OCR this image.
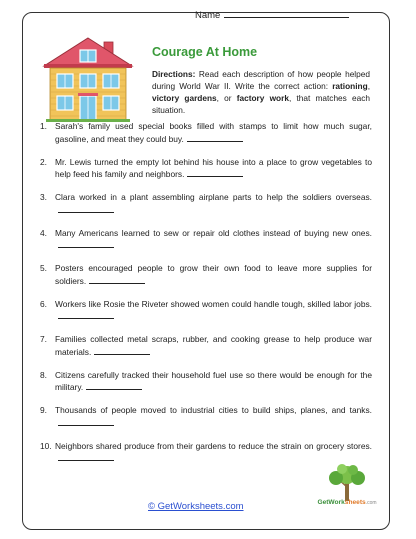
Name
Courage At Home
Directions: Read each description of how people helped during World War II. Write the correct action: rationing, victory gardens, or factory work, that matches each situation.
1. Sarah's family used special books filled with stamps to limit how much sugar, gasoline, and meat they could buy.
2. Mr. Lewis turned the empty lot behind his house into a place to grow vegetables to help feed his family and neighbors.
3. Clara worked in a plant assembling airplane parts to help the soldiers overseas.
4. Many Americans learned to sew or repair old clothes instead of buying new ones.
5. Posters encouraged people to grow their own food to leave more supplies for soldiers.
6. Workers like Rosie the Riveter showed women could handle tough, skilled labor jobs.
7. Families collected metal scraps, rubber, and cooking grease to help produce war materials.
8. Citizens carefully tracked their household fuel use so there would be enough for the military.
9. Thousands of people moved to industrial cities to build ships, planes, and tanks.
10. Neighbors shared produce from their gardens to reduce the strain on grocery stores.
© GetWorksheets.com	GetWorksheets.com
